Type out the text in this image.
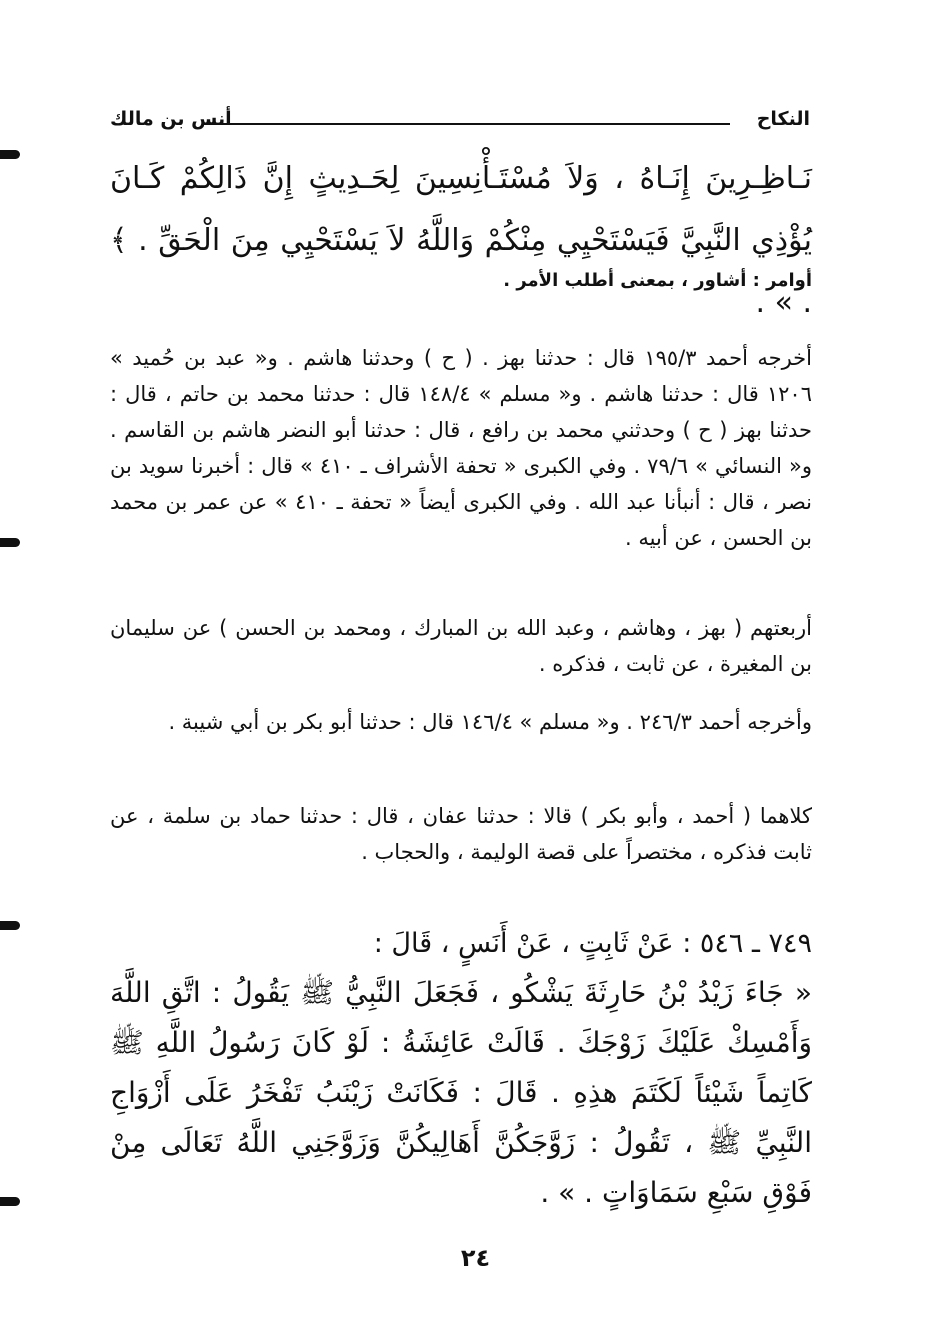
النكاح
أنس بن مالك
نَـاظِـرِينَ إِنَـاهُ ، وَلاَ مُسْتَـأْنِسِينَ لِحَـدِيثٍ إِنَّ ذَالِكُمْ كَـانَ يُؤْذِي النَّبِيَّ فَيَسْتَحْيِي مِنْكُمْ وَاللَّهُ لاَ يَسْتَحْيِي مِنَ الْحَقِّ . ﴾ . » .
أوامر : أشاور ، بمعنى أطلب الأمر .
أخرجه أحمد ١٩٥/٣ قال : حدثنا بهز . ( ح ) وحدثنا هاشم . و« عبد بن حُميد » ١٢٠٦ قال : حدثنا هاشم . و« مسلم » ١٤٨/٤ قال : حدثنا محمد بن حاتم ، قال : حدثنا بهز ( ح ) وحدثني محمد بن رافع ، قال : حدثنا أبو النضر هاشم بن القاسم . و« النسائي » ٧٩/٦ . وفي الكبرى « تحفة الأشراف ـ ٤١٠ » قال : أخبرنا سويد بن نصر ، قال : أنبأنا عبد الله . وفي الكبرى أيضاً « تحفة ـ ٤١٠ » عن عمر بن محمد بن الحسن ، عن أبيه .
أربعتهم ( بهز ، وهاشم ، وعبد الله بن المبارك ، ومحمد بن الحسن ) عن سليمان بن المغيرة ، عن ثابت ، فذكره .
وأخرجه أحمد ٢٤٦/٣ . و« مسلم » ١٤٦/٤ قال : حدثنا أبو بكر بن أبي شيبة .
كلاهما ( أحمد ، وأبو بكر ) قالا : حدثنا عفان ، قال : حدثنا حماد بن سلمة ، عن ثابت فذكره ، مختصراً على قصة الوليمة ، والحجاب .
٧٤٩ ـ ٥٤٦ : عَنْ ثَابِتٍ ، عَنْ أَنَسٍ ، قَالَ :
« جَاءَ زَيْدُ بْنُ حَارِثَةَ يَشْكُو ، فَجَعَلَ النَّبِيُّ ﷺ يَقُولُ : اتَّقِ اللَّهَ وَأَمْسِكْ عَلَيْكَ زَوْجَكَ . قَالَتْ عَائِشَةُ : لَوْ كَانَ رَسُولُ اللَّهِ ﷺ كَاتِماً شَيْئاً لَكَتَمَ هذِهِ . قَالَ : فَكَانَتْ زَيْنَبُ تَفْخَرُ عَلَى أَزْوَاجِ النَّبِيِّ ﷺ ، تَقُولُ : زَوَّجَكُنَّ أَهَالِيكُنَّ وَزَوَّجَنِي اللَّهُ تَعَالَى مِنْ فَوْقِ سَبْعِ سَمَاوَاتٍ . » .
٢٤
